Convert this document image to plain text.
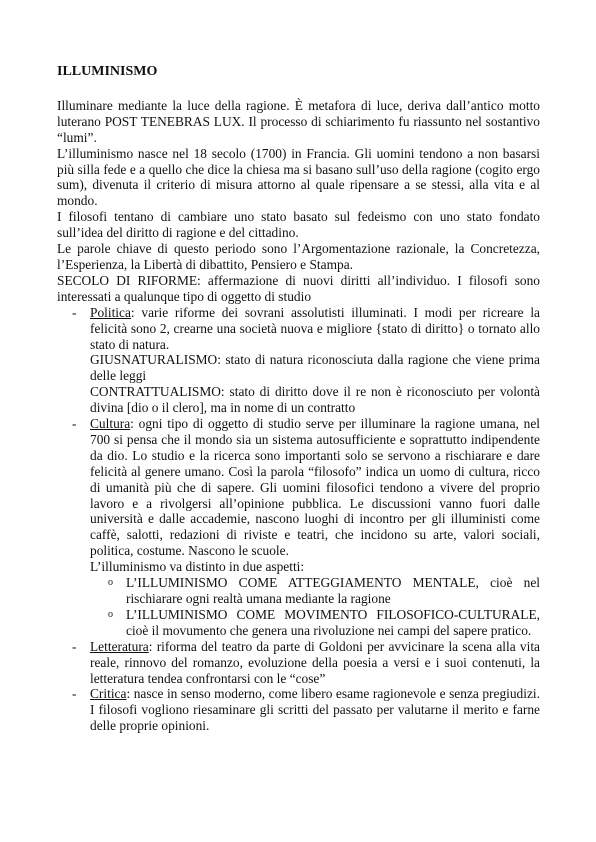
ILLUMINISMO

Illuminare mediante la luce della ragione. È metafora di luce, deriva dall’antico motto luterano POST TENEBRAS LUX. Il processo di schiarimento fu riassunto nel sostantivo “lumi”.

L’illuminismo nasce nel 18 secolo (1700) in Francia. Gli uomini tendono a non basarsi più silla fede e a quello che dice la chiesa ma si basano sull’uso della ragione (cogito ergo sum), divenuta il criterio di misura attorno al quale ripensare a se stessi, alla vita e al mondo.

I filosofi tentano di cambiare uno stato basato sul fedeismo con uno stato fondato sull’idea del diritto di ragione e del cittadino.

Le parole chiave di questo periodo sono l’Argomentazione razionale, la Concretezza, l’Esperienza, la Libertà di dibattito, Pensiero e Stampa.

SECOLO DI RIFORME: affermazione di nuovi diritti all’individuo. I filosofi sono interessati a qualunque tipo di oggetto di studio

- Politica: varie riforme dei sovrani assolutisti illuminati. I modi per ricreare la felicità sono 2, crearne una società nuova e migliore {stato di diritto} o tornato allo stato di natura.
GIUSNATURALISMO: stato di natura riconosciuta dalla ragione che viene prima delle leggi
CONTRATTUALISMO: stato di diritto dove il re non è riconosciuto per volontà divina [dio o il clero], ma in nome di un contratto
- Cultura: ogni tipo di oggetto di studio serve per illuminare la ragione umana, nel 700 si pensa che il mondo sia un sistema autosufficiente e soprattutto indipendente da dio. Lo studio e la ricerca sono importanti solo se servono a rischiarare e dare felicità al genere umano. Così la parola “filosofo” indica un uomo di cultura, ricco di umanità più che di sapere. Gli uomini filosofici tendono a vivere del proprio lavoro e a rivolgersi all’opinione pubblica. Le discussioni vanno fuori dalle università e dalle accademie, nascono luoghi di incontro per gli illuministi come caffè, salotti, redazioni di riviste e teatri, che incidono su arte, valori sociali, politica, costume. Nascono le scuole.
L’illuminismo va distinto in due aspetti:
o L’ILLUMINISMO COME ATTEGGIAMENTO MENTALE, cioè nel rischiarare ogni realtà umana mediante la ragione
o L’ILLUMINISMO COME MOVIMENTO FILOSOFICO-CULTURALE, cioè il movumento che genera una rivoluzione nei campi del sapere pratico.
- Letteratura: riforma del teatro da parte di Goldoni per avvicinare la scena alla vita reale, rinnovo del romanzo, evoluzione della poesia a versi e i suoi contenuti, la letteratura tendea confrontarsi con le “cose”
- Critica: nasce in senso moderno, come libero esame ragionevole e senza pregiudizi. I filosofi vogliono riesaminare gli scritti del passato per valutarne il merito e farne delle proprie opinioni.
